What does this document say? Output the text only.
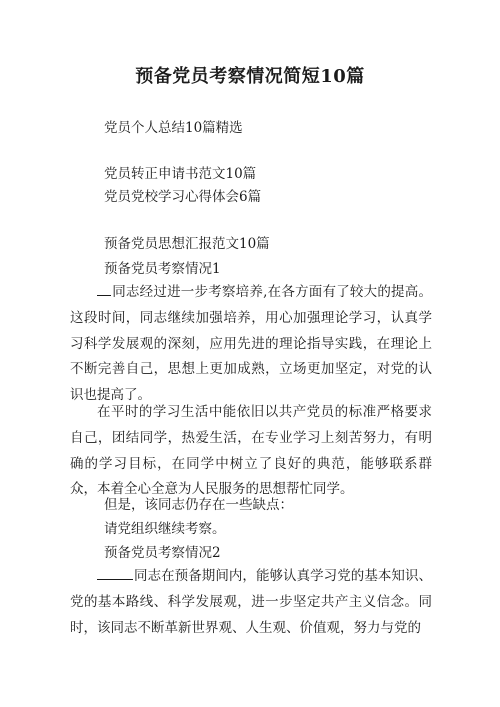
预备党员考察情况简短10篇
党员个人总结10篇精选
党员转正申请书范文10篇
党员党校学习心得体会6篇
预备党员思想汇报范文10篇
预备党员考察情况1
同志经过进一步考察培养,在各方面有了较大的提高。这段时间，同志继续加强培养，用心加强理论学习，认真学习科学发展观的深刻，应用先进的理论指导实践，在理论上不断完善自己，思想上更加成熟，立场更加坚定，对党的认识也提高了。
在平时的学习生活中能依旧以共产党员的标准严格要求自己，团结同学，热爱生活，在专业学习上刻苦努力，有明确的学习目标，在同学中树立了良好的典范，能够联系群众，本着全心全意为人民服务的思想帮忙同学。
但是，该同志仍存在一些缺点：
请党组织继续考察。
预备党员考察情况2
同志在预备期间内，能够认真学习党的基本知识、党的基本路线、科学发展观，进一步坚定共产主义信念。同时，该同志不断革新世界观、人生观、价值观，努力与党的
